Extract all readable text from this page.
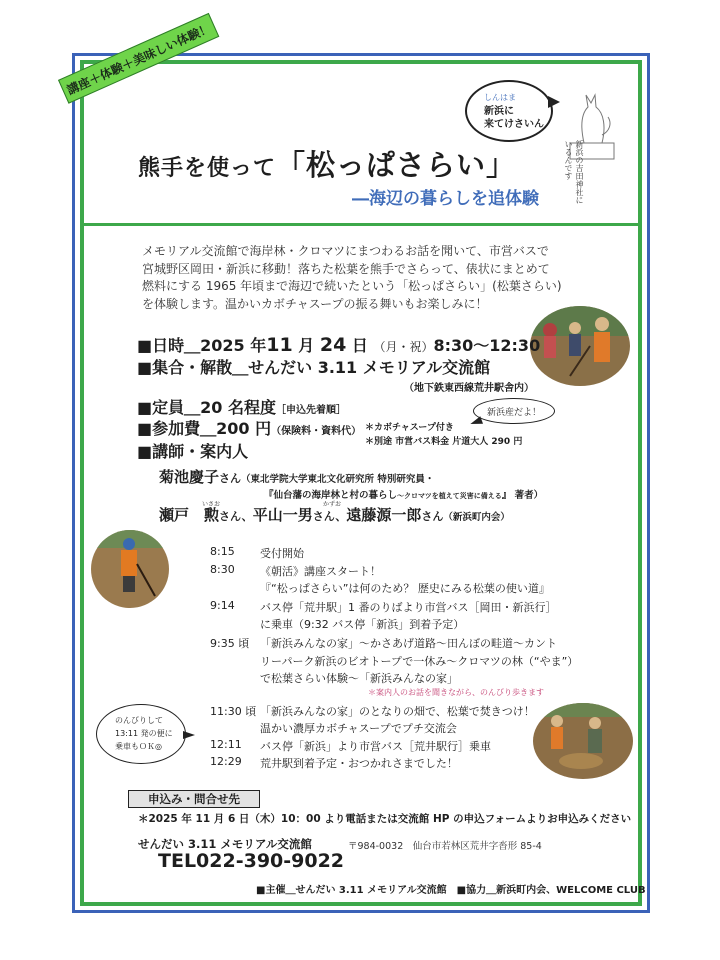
講座＋体験＋美味しい体験！
熊手を使って「松っぱさらい」
―海辺の暮らしを追体験
しんはま
新浜に
来てけさいん
新浜の吉田神社にいるんです

メモリアル交流館で海岸林・クロマツにまつわるお話を聞いて、市営バスで

宮城野区岡田・新浜に移動！落ちた松葉を熊手でさらって、俵状にまとめて

燃料にする 1965 年頃まで海辺で続いたという「松っぱさらい」(松葉さらい)

を体験します。温かいカボチャスープの振る舞いもお楽しみに！

■日時＿2025 年11 月 24 日 （月・祝）8:30〜12:30
■集合・解散＿せんだい 3.11 メモリアル交流館
（地下鉄東西線荒井駅舎内）
■定員＿20 名程度［申込先着順］
■参加費＿200 円（保険料・資料代） ＊カボチャスープ付き
＊別途 市営バス料金 片道大人 290 円
■講師・案内人
新浜産だよ！
菊池慶子さん（東北学院大学東北文化研究所 特別研究員・
『仙台藩の海岸林と村の暮らし〜クロマツを植えて災害に備える』 著者）
いさお	かずお
瀬戸　勲さん、平山一男さん、遠藤源一郎さん（新浜町内会）
8:15 受付開始
8:30 《朝活》講座スタート！
『“松っぱさらい”は何のため？ 歴史にみる松葉の使い道』
9:14 バス停「荒井駅」1 番のりばより市営バス［岡田・新浜行］
に乗車（9:32 バス停「新浜」到着予定）
9:35 頃 「新浜みんなの家」〜かさあげ道路〜田んぼの畦道〜カント
リーパーク新浜のビオトープで一休み〜クロマツの林（“やま”）
で松葉さらい体験〜「新浜みんなの家」
＊案内人のお話を聞きながら、のんびり歩きます
11:30 頃 「新浜みんなの家」のとなりの畑で、松葉で焚きつけ！
温かい濃厚カボチャスープでプチ交流会
12:11 バス停「新浜」より市営バス［荒井駅行］乗車
12:29 荒井駅到着予定・おつかれさまでした！
のんびりして
13:11 発の便に
乗車もＯＫ◎
申込み・問合せ先
＊2025 年 11 月 6 日（木）10：00 より電話または交流館 HP の申込フォームよりお申込みください
せんだい 3.11 メモリアル交流館	〒984-0032　仙台市若林区荒井字沓形 85-4
TEL022-390-9022
■主催＿せんだい 3.11 メモリアル交流館　■協力＿新浜町内会、WELCOME CLUB
